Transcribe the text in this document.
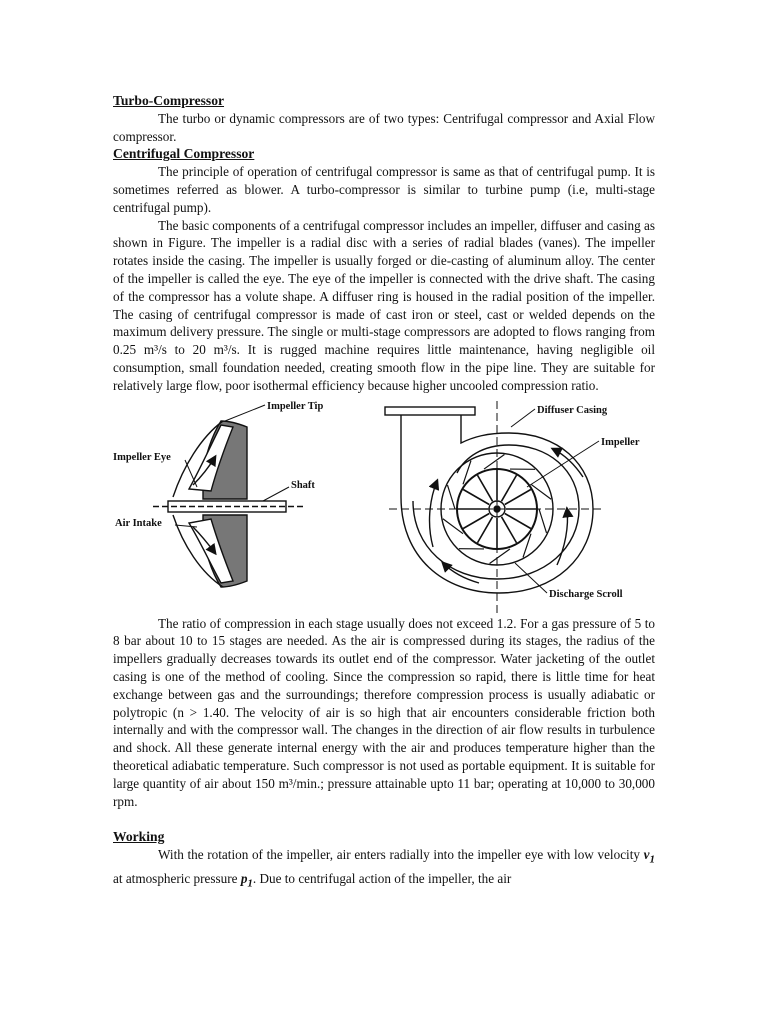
Turbo-Compressor

The turbo or dynamic compressors are of two types: Centrifugal compressor and Axial Flow compressor.

Centrifugal Compressor

The principle of operation of centrifugal compressor is same as that of centrifugal pump. It is sometimes referred as blower. A turbo-compressor is similar to turbine pump (i.e, multi-stage centrifugal pump).

The basic components of a centrifugal compressor includes an impeller, diffuser and casing as shown in Figure. The impeller is a radial disc with a series of radial blades (vanes). The impeller rotates inside the casing. The impeller is usually forged or die-casting of aluminum alloy. The center of the impeller is called the eye. The eye of the impeller is connected with the drive shaft. The casing of the compressor has a volute shape. A diffuser ring is housed in the radial position of the impeller. The casing of centrifugal compressor is made of cast iron or steel, cast or welded depends on the maximum delivery pressure. The single or multi-stage compressors are adopted to flows ranging from 0.25 m³/s to 20 m³/s. It is rugged machine requires little maintenance, having negligible oil consumption, small foundation needed, creating smooth flow in the pipe line. They are suitable for relatively large flow, poor isothermal efficiency because higher uncooled compression ratio.

Impeller Tip
Impeller Eye
Shaft
Air Intake
Diffuser Casing
Impeller
Discharge Scroll

The ratio of compression in each stage usually does not exceed 1.2. For a gas pressure of 5 to 8 bar about 10 to 15 stages are needed. As the air is compressed during its stages, the radius of the impellers gradually decreases towards its outlet end of the compressor. Water jacketing of the outlet casing is one of the method of cooling. Since the compression so rapid, there is little time for heat exchange between gas and the surroundings; therefore compression process is usually adiabatic or polytropic (n > 1.40. The velocity of air is so high that air encounters considerable friction both internally and with the compressor wall. The changes in the direction of air flow results in turbulence and shock. All these generate internal energy with the air and produces temperature higher than the theoretical adiabatic temperature. Such compressor is not used as portable equipment. It is suitable for large quantity of air about 150 m³/min.; pressure attainable upto 11 bar; operating at 10,000 to 30,000 rpm.

Working

With the rotation of the impeller, air enters radially into the impeller eye with low velocity $v_1$ at atmospheric pressure $p_1$. Due to centrifugal action of the impeller, the air
